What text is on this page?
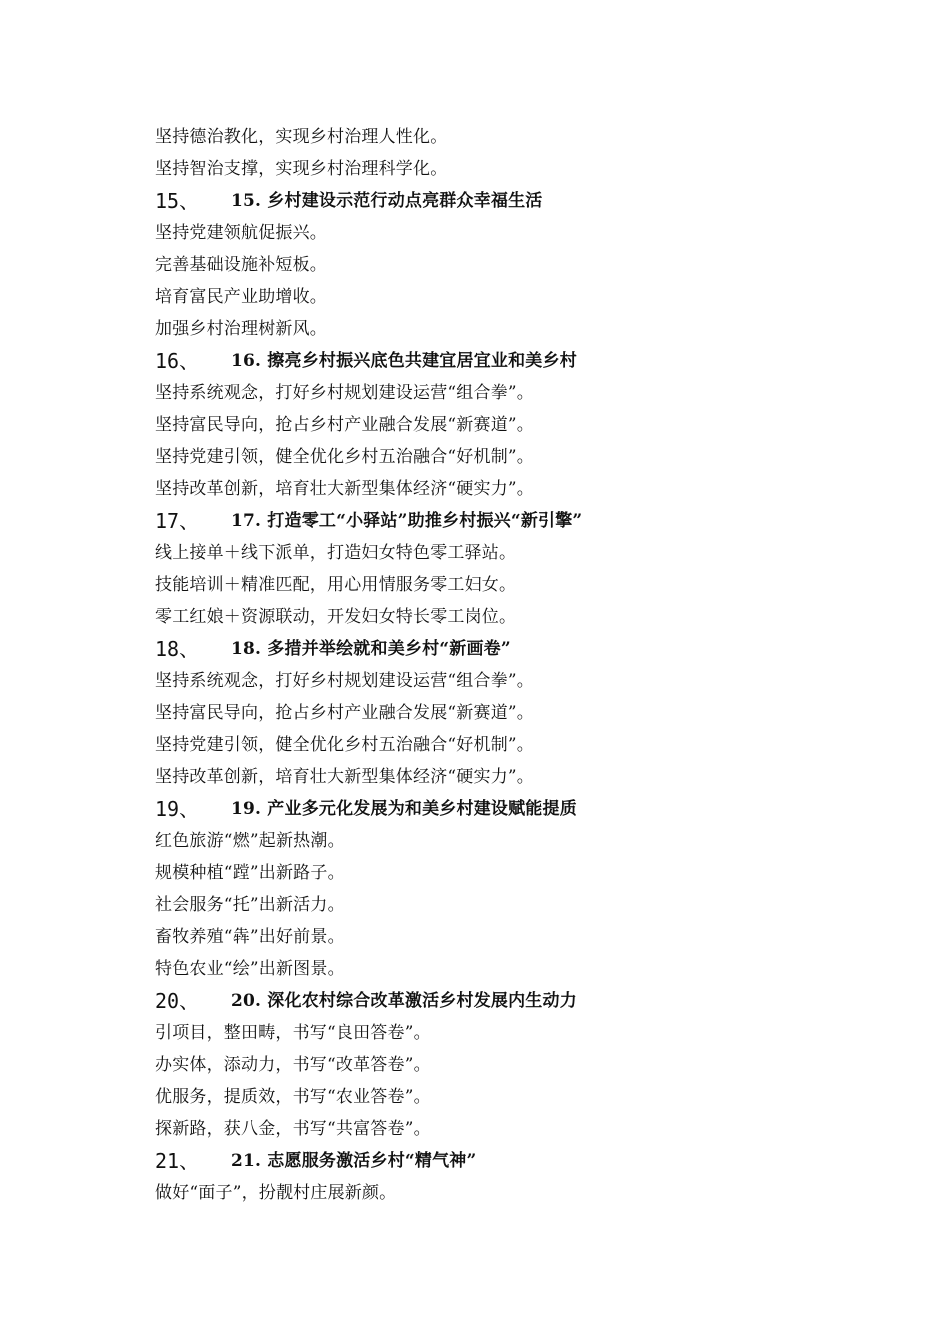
坚持德治教化，实现乡村治理人性化。
坚持智治支撑，实现乡村治理科学化。
15、	15. 乡村建设示范行动点亮群众幸福生活
坚持党建领航促振兴。
完善基础设施补短板。
培育富民产业助增收。
加强乡村治理树新风。
16、	16. 擦亮乡村振兴底色共建宜居宜业和美乡村
坚持系统观念，打好乡村规划建设运营“组合拳”。
坚持富民导向，抢占乡村产业融合发展“新赛道”。
坚持党建引领，健全优化乡村五治融合“好机制”。
坚持改革创新，培育壮大新型集体经济“硬实力”。
17、	17. 打造零工“小驿站”助推乡村振兴“新引擎”
线上接单＋线下派单，打造妇女特色零工驿站。
技能培训＋精准匹配，用心用情服务零工妇女。
零工红娘＋资源联动，开发妇女特长零工岗位。
18、	18. 多措并举绘就和美乡村“新画卷”
坚持系统观念，打好乡村规划建设运营“组合拳”。
坚持富民导向，抢占乡村产业融合发展“新赛道”。
坚持党建引领，健全优化乡村五治融合“好机制”。
坚持改革创新，培育壮大新型集体经济“硬实力”。
19、	19. 产业多元化发展为和美乡村建设赋能提质
红色旅游“燃”起新热潮。
规模种植“蹚”出新路子。
社会服务“托”出新活力。
畜牧养殖“犇”出好前景。
特色农业“绘”出新图景。
20、	20. 深化农村综合改革激活乡村发展内生动力
引项目，整田畴，书写“良田答卷”。
办实体，添动力，书写“改革答卷”。
优服务，提质效，书写“农业答卷”。
探新路，获八金，书写“共富答卷”。
21、	21. 志愿服务激活乡村“精气神”
做好“面子”，扮靓村庄展新颜。
